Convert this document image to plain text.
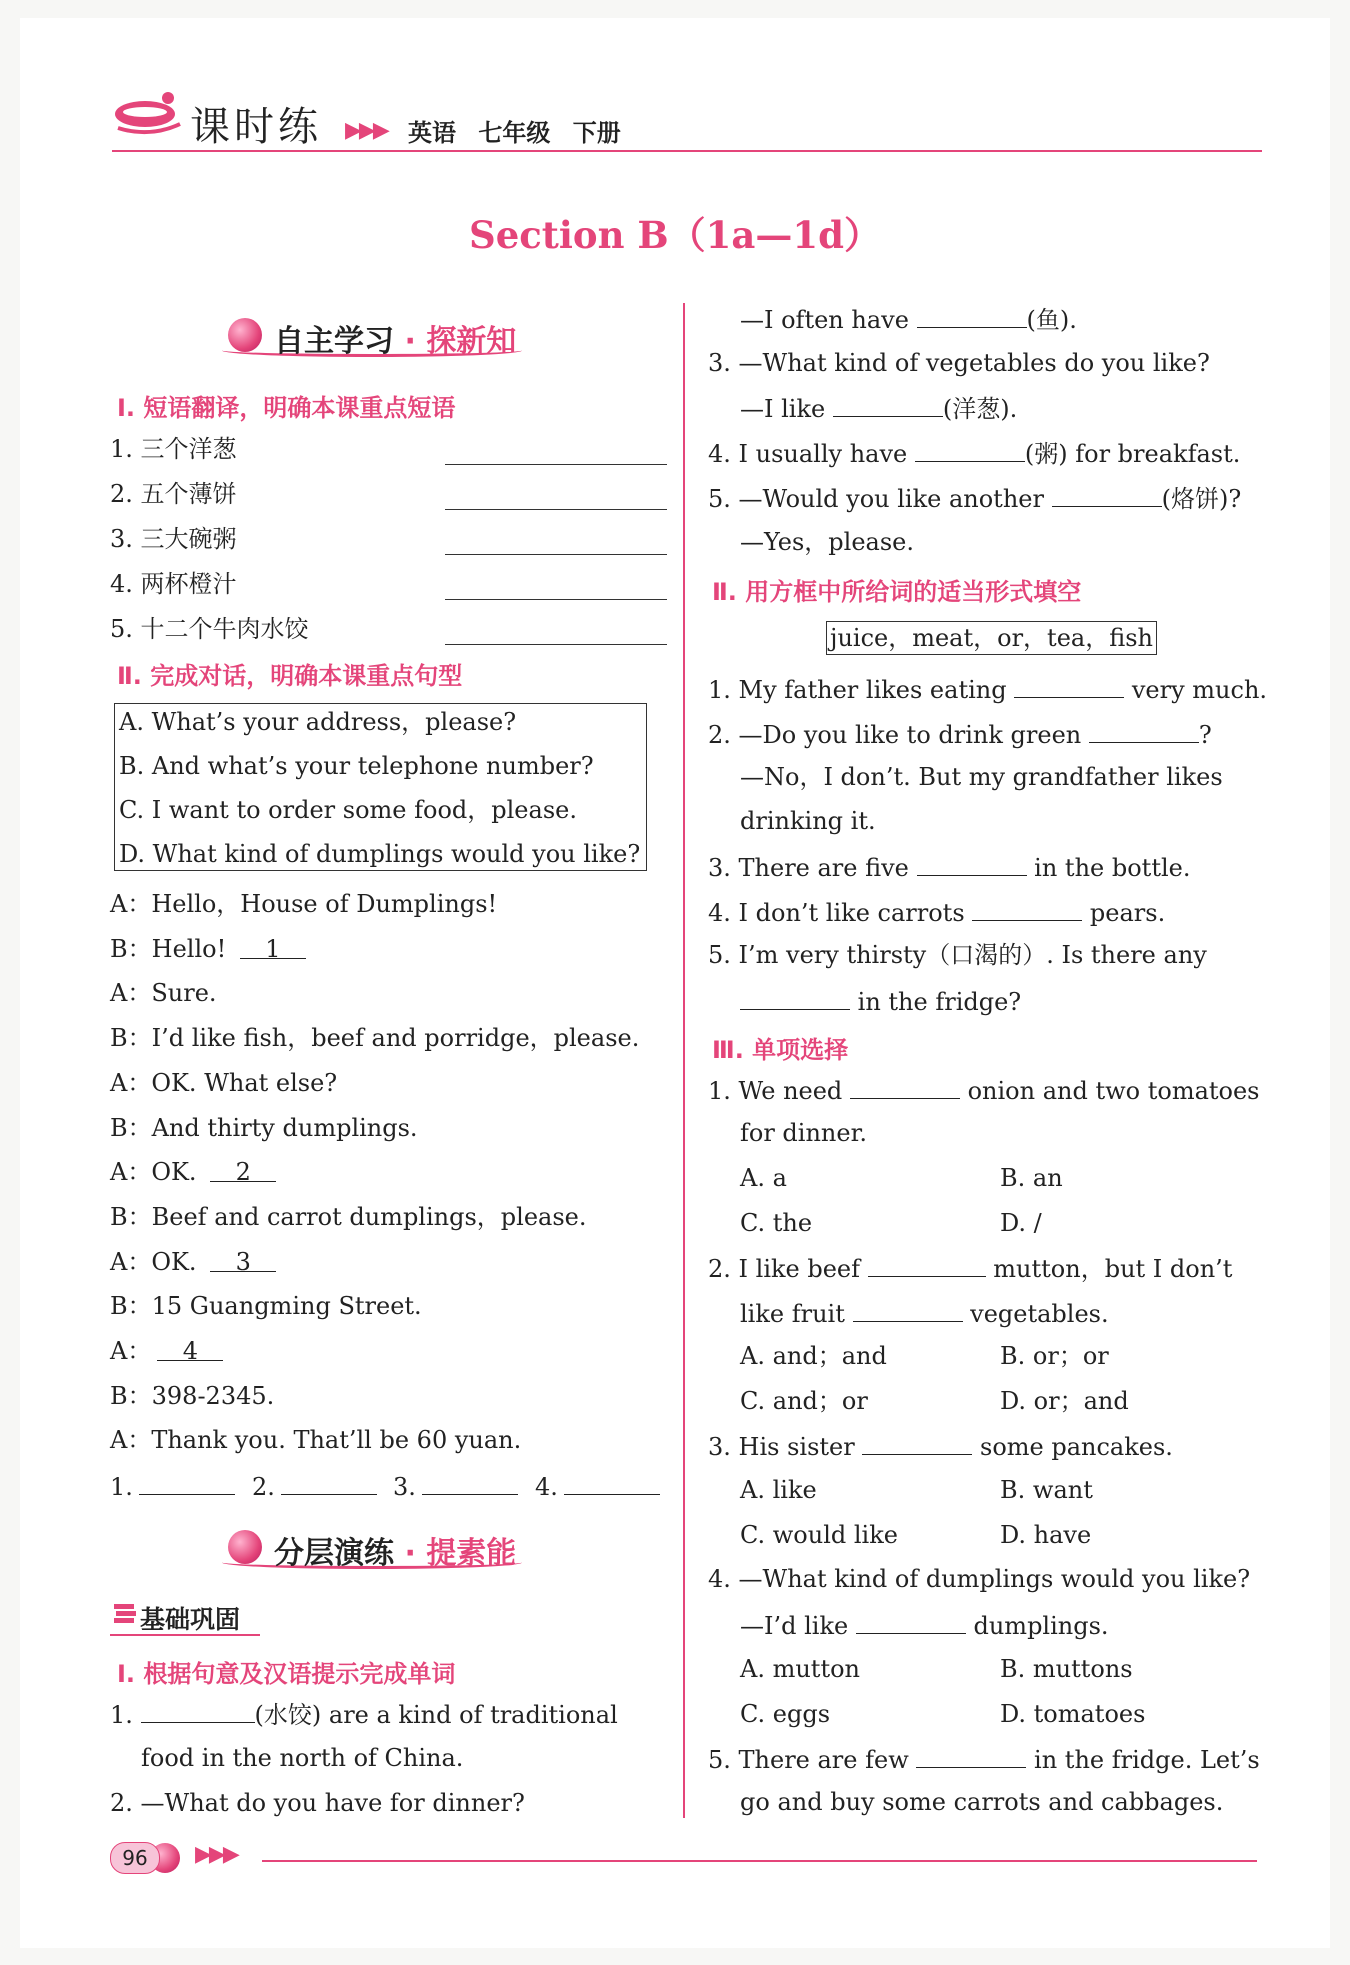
课时练 ▶▶▶ 英语 七年级 下册
Section B（1a—1d）
自主学习 · 探新知
Ⅰ. 短语翻译，明确本课重点短语
1. 三个洋葱
2. 五个薄饼
3. 三大碗粥
4. 两杯橙汁
5. 十二个牛肉水饺
Ⅱ. 完成对话，明确本课重点句型
A. What’s your address，please?
B. And what’s your telephone number?
C. I want to order some food，please.
D. What kind of dumplings would you like?
A：Hello，House of Dumplings!
B：Hello! 1
A：Sure.
B：I’d like fish，beef and porridge，please.
A：OK. What else?
B：And thirty dumplings.
A：OK. 2
B：Beef and carrot dumplings，please.
A：OK. 3
B：15 Guangming Street.
A： 4
B：398-2345.
A：Thank you. That’ll be 60 yuan.
1.	2.	3.	4.
分层演练 · 提素能
基础巩固
Ⅰ. 根据句意及汉语提示完成单词
1.	(水饺) are a kind of traditional
food in the north of China.
2. —What do you have for dinner?
—I often have	(鱼).
3. —What kind of vegetables do you like?
—I like	(洋葱).
4. I usually have	(粥) for breakfast.
5. —Would you like another	(烙饼)?
—Yes，please.
Ⅱ. 用方框中所给词的适当形式填空
juice，meat，or，tea，fish
1. My father likes eating	very much.
2. —Do you like to drink green	?
—No，I don’t. But my grandfather likes
drinking it.
3. There are five	in the bottle.
4. I don’t like carrots	pears.
5. I’m very thirsty（口渴的）. Is there any
in the fridge?
Ⅲ. 单项选择
1. We need	onion and two tomatoes
for dinner.
A. a	B. an
C. the	D. /
2. I like beef	mutton，but I don’t
like fruit	vegetables.
A. and；and	B. or；or
C. and；or	D. or；and
3. His sister	some pancakes.
A. like	B. want
C. would like	D. have
4. —What kind of dumplings would you like?
—I’d like	dumplings.
A. mutton	B. muttons
C. eggs	D. tomatoes
5. There are few	in the fridge. Let’s
go and buy some carrots and cabbages.
96	▶▶▶
